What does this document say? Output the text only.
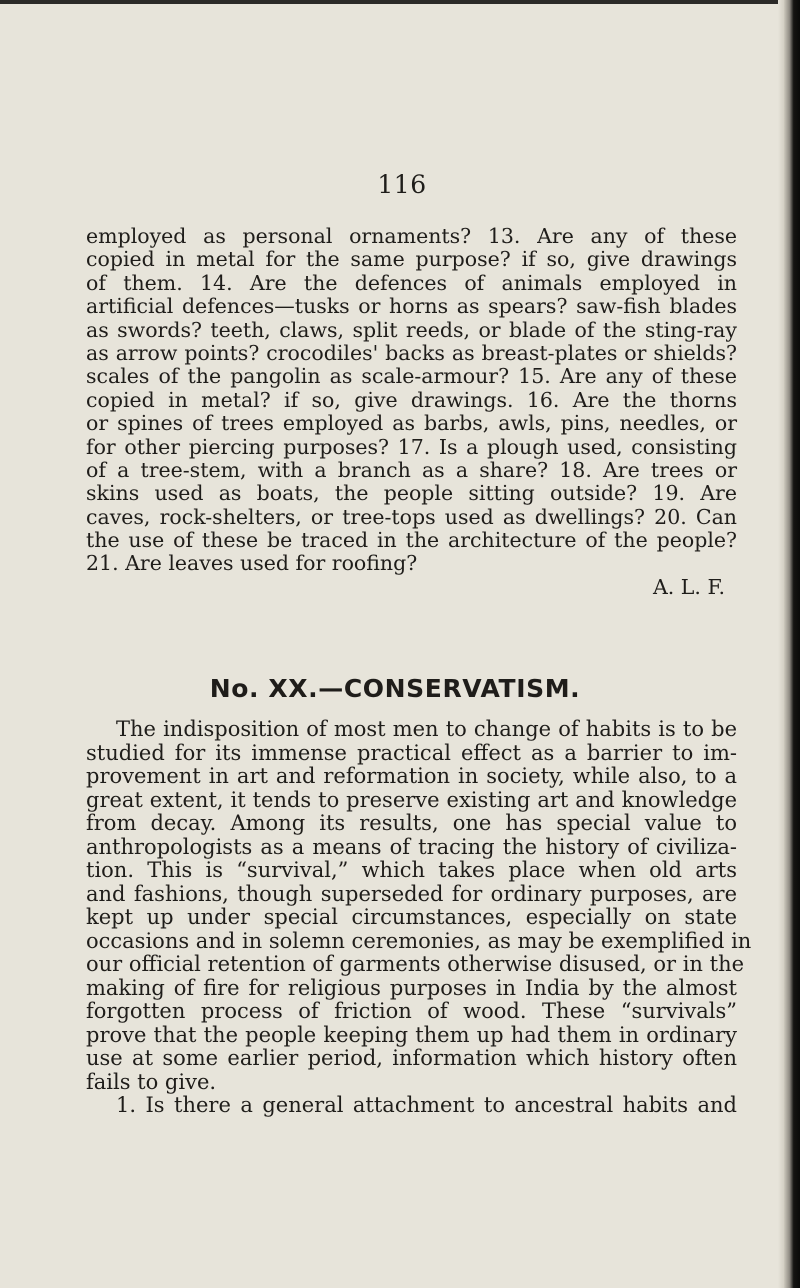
116
employed as personal ornaments? 13. Are any of these
copied in metal for the same purpose? if so, give drawings
of them. 14. Are the defences of animals employed in
artificial defences—tusks or horns as spears? saw-fish blades
as swords? teeth, claws, split reeds, or blade of the sting-ray
as arrow points? crocodiles' backs as breast-plates or shields?
scales of the pangolin as scale-armour? 15. Are any of these
copied in metal? if so, give drawings. 16. Are the thorns
or spines of trees employed as barbs, awls, pins, needles, or
for other piercing purposes? 17. Is a plough used, consisting
of a tree-stem, with a branch as a share? 18. Are trees or
skins used as boats, the people sitting outside? 19. Are
caves, rock-shelters, or tree-tops used as dwellings? 20. Can
the use of these be traced in the architecture of the people?
21. Are leaves used for roofing?
A. L. F.
No. XX.—CONSERVATISM.
The indisposition of most men to change of habits is to be
studied for its immense practical effect as a barrier to im-
provement in art and reformation in society, while also, to a
great extent, it tends to preserve existing art and knowledge
from decay. Among its results, one has special value to
anthropologists as a means of tracing the history of civiliza-
tion. This is “survival,” which takes place when old arts
and fashions, though superseded for ordinary purposes, are
kept up under special circumstances, especially on state
occasions and in solemn ceremonies, as may be exemplified in
our official retention of garments otherwise disused, or in the
making of fire for religious purposes in India by the almost
forgotten process of friction of wood. These “survivals”
prove that the people keeping them up had them in ordinary
use at some earlier period, information which history often
fails to give.
1. Is there a general attachment to ancestral habits and
